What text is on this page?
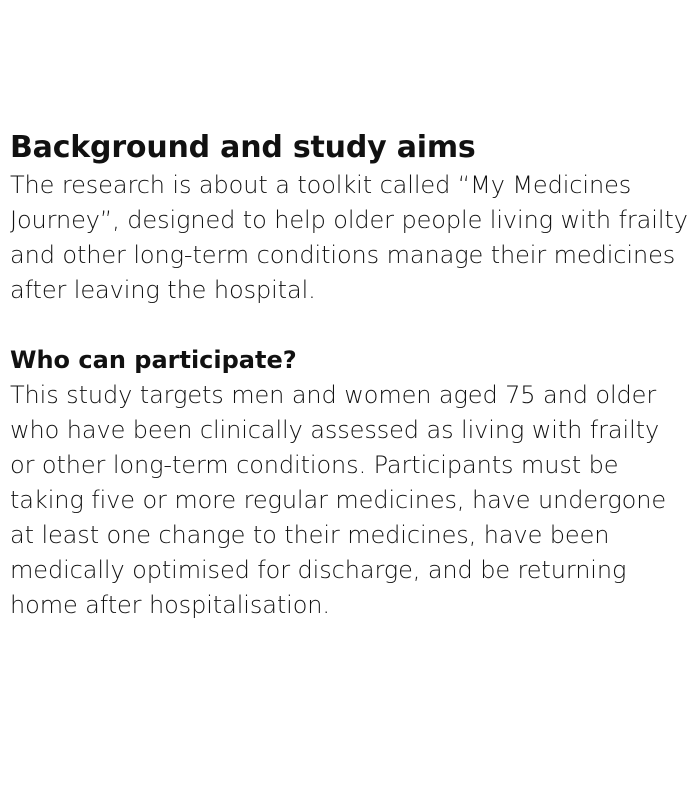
Background and study aims

The research is about a toolkit called “My Medicines Journey”, designed to help older people living with frailty and other long-term conditions manage their medicines after leaving the hospital.

Who can participate?

This study targets men and women aged 75 and older who have been clinically assessed as living with frailty or other long-term conditions. Participants must be taking five or more regular medicines, have undergone at least one change to their medicines, have been medically optimised for discharge, and be returning home after hospitalisation.
